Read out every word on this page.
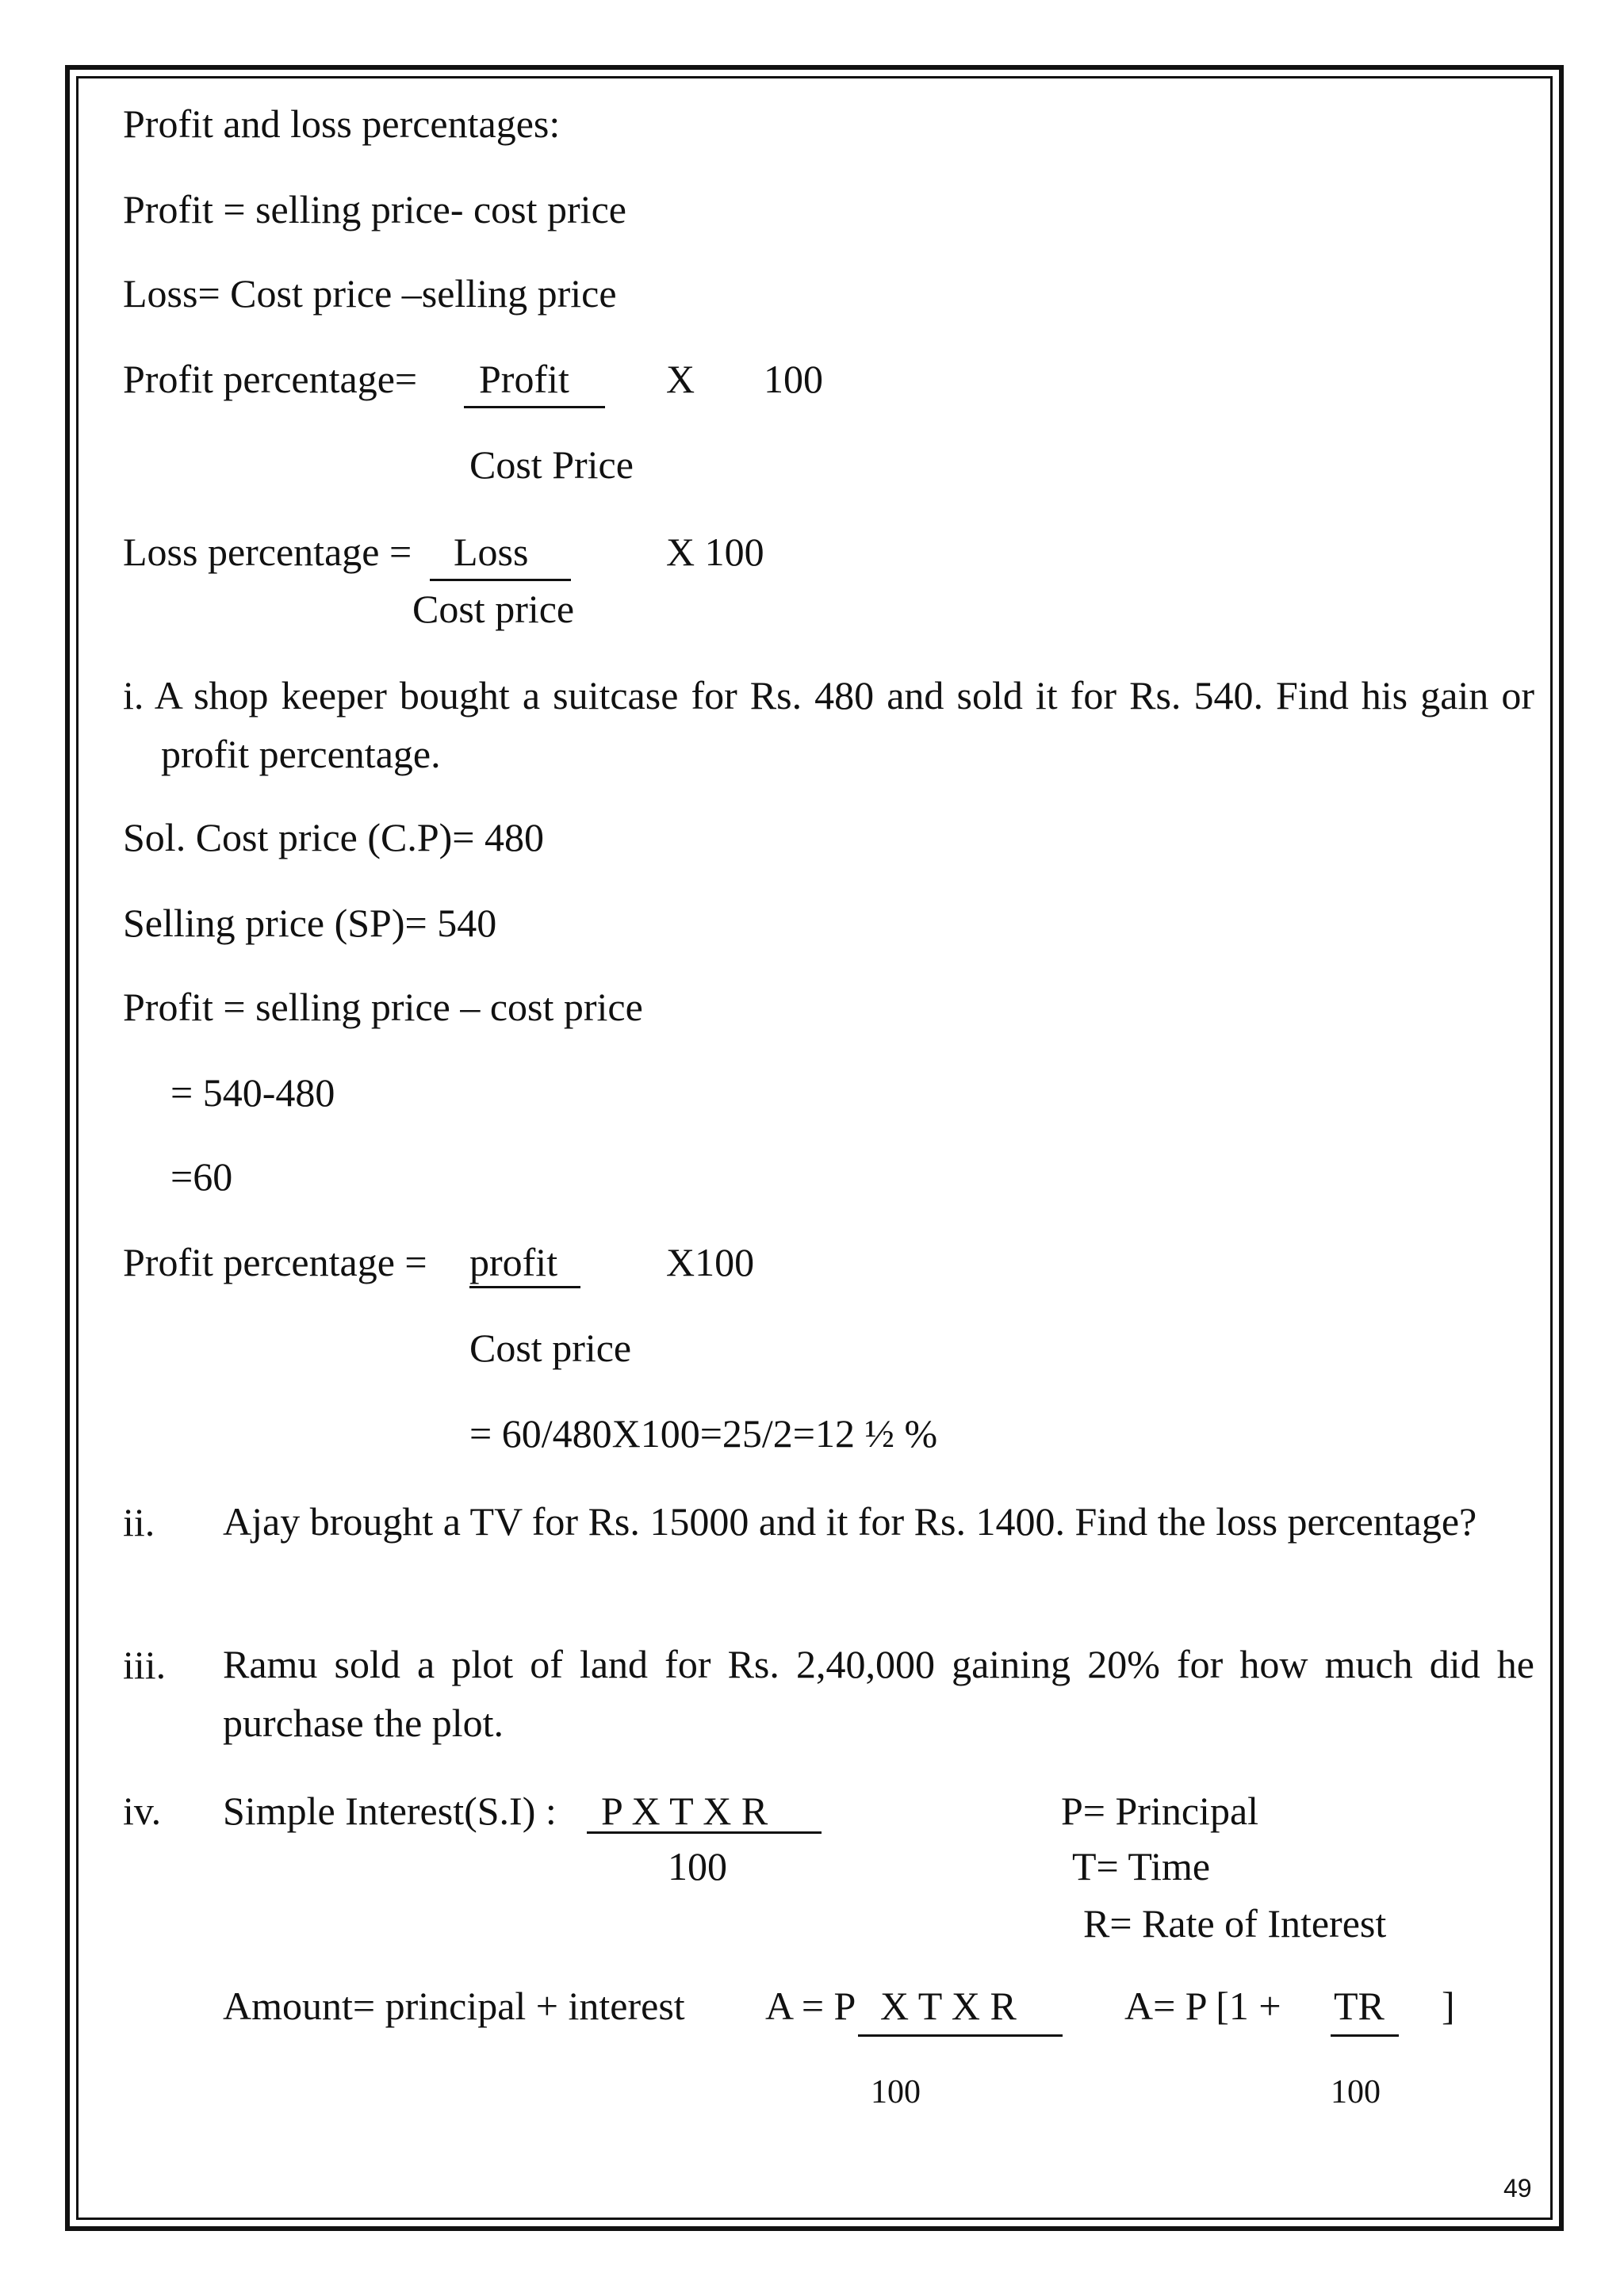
Profit and loss percentages:
Profit = selling price- cost price
Loss= Cost price –selling price
Profit percentage= Profit X 100
Cost Price
Loss percentage = Loss	X 100
Cost price
i. A shop keeper bought a suitcase for Rs. 480 and sold it for Rs. 540. Find his gain or profit percentage.
Sol. Cost price (C.P)= 480
Selling price (SP)= 540
Profit = selling price – cost price
= 540-480
=60
Profit percentage = profit	X100
Cost price
= 60/480X100=25/2=12 ½ %
ii. Ajay brought a TV for Rs. 15000 and it for Rs. 1400. Find the loss percentage?
iii. Ramu sold a plot of land for Rs. 2,40,000 gaining 20% for how much did he purchase the plot.
iv. Simple Interest(S.I) : P X T X R
100
P= Principal
T= Time
R= Rate of Interest
Amount= principal + interest A = P X T X R
100
A= P [1 + TR ]
100
49
